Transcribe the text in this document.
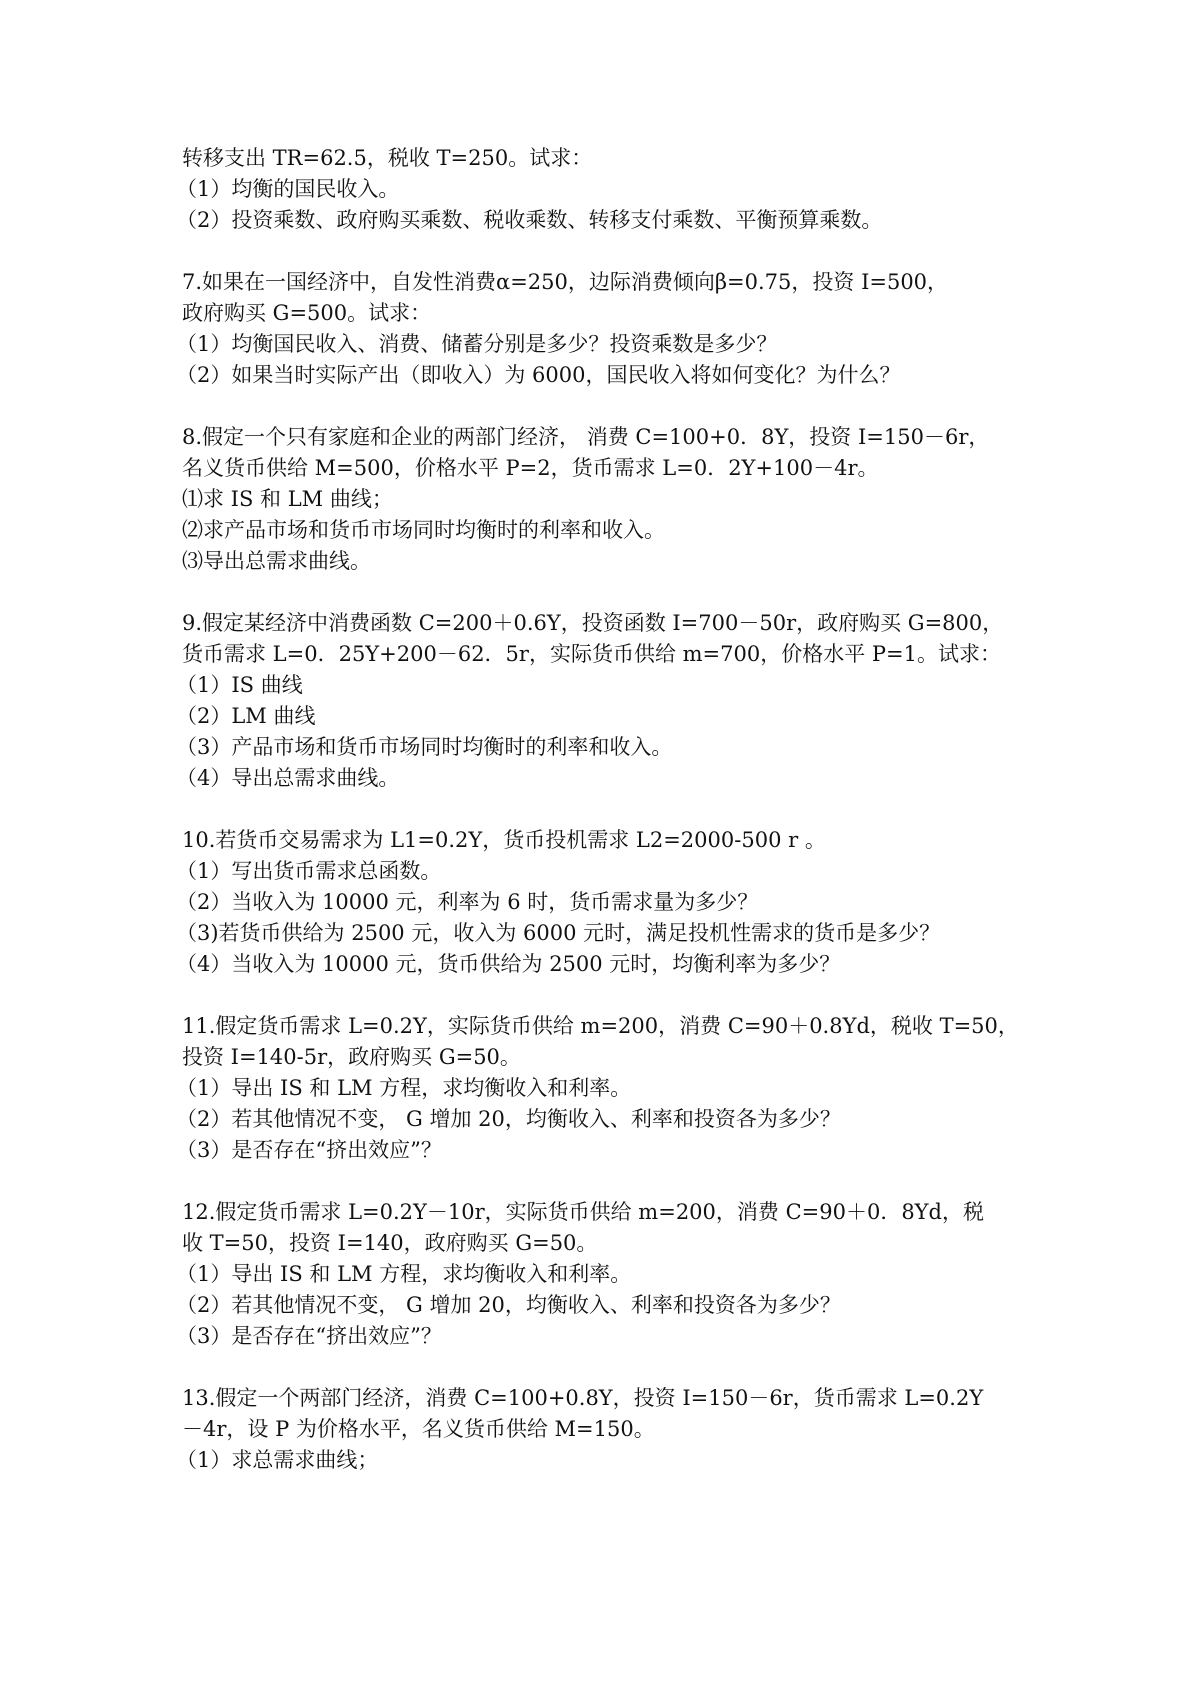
转移支出 TR=62.5，税收 T=250。试求：
（1）均衡的国民收入。
（2）投资乘数、政府购买乘数、税收乘数、转移支付乘数、平衡预算乘数。
7.如果在一国经济中，自发性消费α=250，边际消费倾向β=0.75，投资 I=500，
政府购买 G=500。试求：
（1）均衡国民收入、消费、储蓄分别是多少？投资乘数是多少？
（2）如果当时实际产出（即收入）为 6000，国民收入将如何变化？为什么？
8.假定一个只有家庭和企业的两部门经济， 消费 C=100+0．8Y，投资 I=150－6r，
名义货币供给 M=500，价格水平 P=2，货币需求 L=0．2Y+100－4r。
⑴求 IS 和 LM 曲线；
⑵求产品市场和货币市场同时均衡时的利率和收入。
⑶导出总需求曲线。
9.假定某经济中消费函数 C=200＋0.6Y，投资函数 I=700－50r，政府购买 G=800，
货币需求 L=0．25Y+200－62．5r，实际货币供给 m=700，价格水平 P=1。试求：
（1）IS 曲线
（2）LM 曲线
（3）产品市场和货币市场同时均衡时的利率和收入。
（4）导出总需求曲线。
10.若货币交易需求为 L1=0.2Y，货币投机需求 L2=2000-500 r 。
（1）写出货币需求总函数。
（2）当收入为 10000 元，利率为 6 时，货币需求量为多少？
（3)若货币供给为 2500 元，收入为 6000 元时，满足投机性需求的货币是多少？
（4）当收入为 10000 元，货币供给为 2500 元时，均衡利率为多少？
11.假定货币需求 L=0.2Y，实际货币供给 m=200，消费 C=90＋0.8Yd，税收 T=50，
投资 I=140-5r，政府购买 G=50。
（1）导出 IS 和 LM 方程，求均衡收入和利率。
（2）若其他情况不变， G 增加 20，均衡收入、利率和投资各为多少？
（3）是否存在“挤出效应”？
12.假定货币需求 L=0.2Y－10r，实际货币供给 m=200，消费 C=90＋0．8Yd，税
收 T=50，投资 I=140，政府购买 G=50。
（1）导出 IS 和 LM 方程，求均衡收入和利率。
（2）若其他情况不变， G 增加 20，均衡收入、利率和投资各为多少？
（3）是否存在“挤出效应”？
13.假定一个两部门经济，消费 C=100+0.8Y，投资 I=150－6r，货币需求 L=0.2Y
－4r，设 P 为价格水平，名义货币供给 M=150。
（1）求总需求曲线；
